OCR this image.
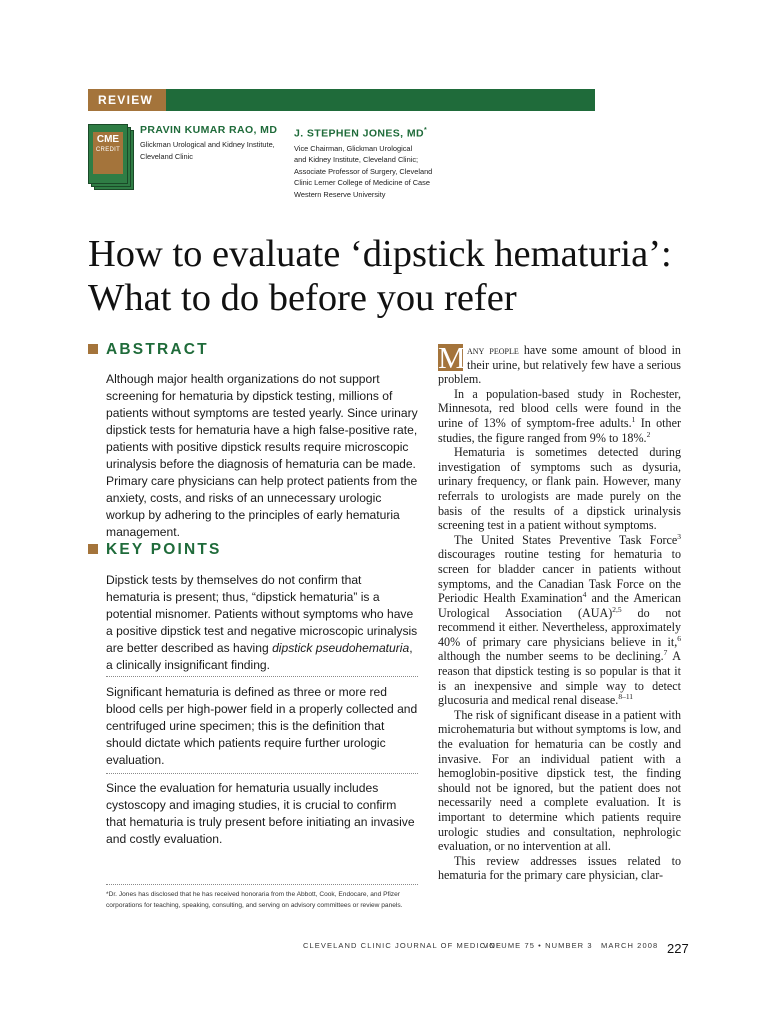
REVIEW
CME
CREDIT
PRAVIN KUMAR RAO, MD
Glickman Urological and Kidney Institute,
Cleveland Clinic
J. STEPHEN JONES, MD*
Vice Chairman, Glickman Urological
and Kidney Institute, Cleveland Clinic;
Associate Professor of Surgery, Cleveland
Clinic Lerner College of Medicine of Case
Western Reserve University
How to evaluate ‘dipstick hematuria’:
What to do before you refer
ABSTRACT
Although major health organizations do not support screening for hematuria by dipstick testing, millions of patients without symptoms are tested yearly. Since urinary dipstick tests for hematuria have a high false-positive rate, patients with positive dipstick results require microscopic urinalysis before the diagnosis of hematuria can be made. Primary care physicians can help protect patients from the anxiety, costs, and risks of an unnecessary urologic workup by adhering to the principles of early hematuria management.
KEY POINTS
Dipstick tests by themselves do not confirm that hematuria is present; thus, “dipstick hematuria” is a potential misnomer. Patients without symptoms who have a positive dipstick test and negative microscopic urinalysis are better described as having dipstick pseudohematuria, a clinically insignificant finding.
Significant hematuria is defined as three or more red blood cells per high-power field in a properly collected and centrifuged urine specimen; this is the definition that should dictate which patients require further urologic evaluation.
Since the evaluation for hematuria usually includes cystoscopy and imaging studies, it is crucial to confirm that hematuria is truly present before initiating an invasive and costly evaluation.
*Dr. Jones has disclosed that he has received honoraria from the Abbott, Cook, Endocare, and Pfizer corporations for teaching, speaking, consulting, and serving on advisory committees or review panels.

M any people have some amount of blood in their urine, but relatively few have a serious problem.

In a population-based study in Rochester, Minnesota, red blood cells were found in the urine of 13% of symptom-free adults.$^1$ In other studies, the figure ranged from 9% to 18%.$^2$

Hematuria is sometimes detected during investigation of symptoms such as dysuria, urinary frequency, or flank pain. However, many referrals to urologists are made purely on the basis of the results of a dipstick urinalysis screening test in a patient without symptoms.

The United States Preventive Task Force$^3$ discourages routine testing for hematuria to screen for bladder cancer in patients without symptoms, and the Canadian Task Force on the Periodic Health Examination$^4$ and the American Urological Association (AUA)$^{2,5}$ do not recommend it either. Nevertheless, approximately 40% of primary care physicians believe in it,$^6$ although the number seems to be declining.$^7$ A reason that dipstick testing is so popular is that it is an inexpensive and simple way to detect glucosuria and medical renal disease.$^{8-11}$

The risk of significant disease in a patient with microhematuria but without symptoms is low, and the evaluation for hematuria can be costly and invasive. For an individual patient with a hemoglobin-positive dipstick test, the finding should not be ignored, but the patient does not necessarily need a complete evaluation. It is important to determine which patients require urologic studies and consultation, nephrologic evaluation, or no intervention at all.

This review addresses issues related to hematuria for the primary care physician, clar-

CLEVELAND CLINIC JOURNAL OF MEDICINE
VOLUME 75 • NUMBER 3 MARCH 2008 227
